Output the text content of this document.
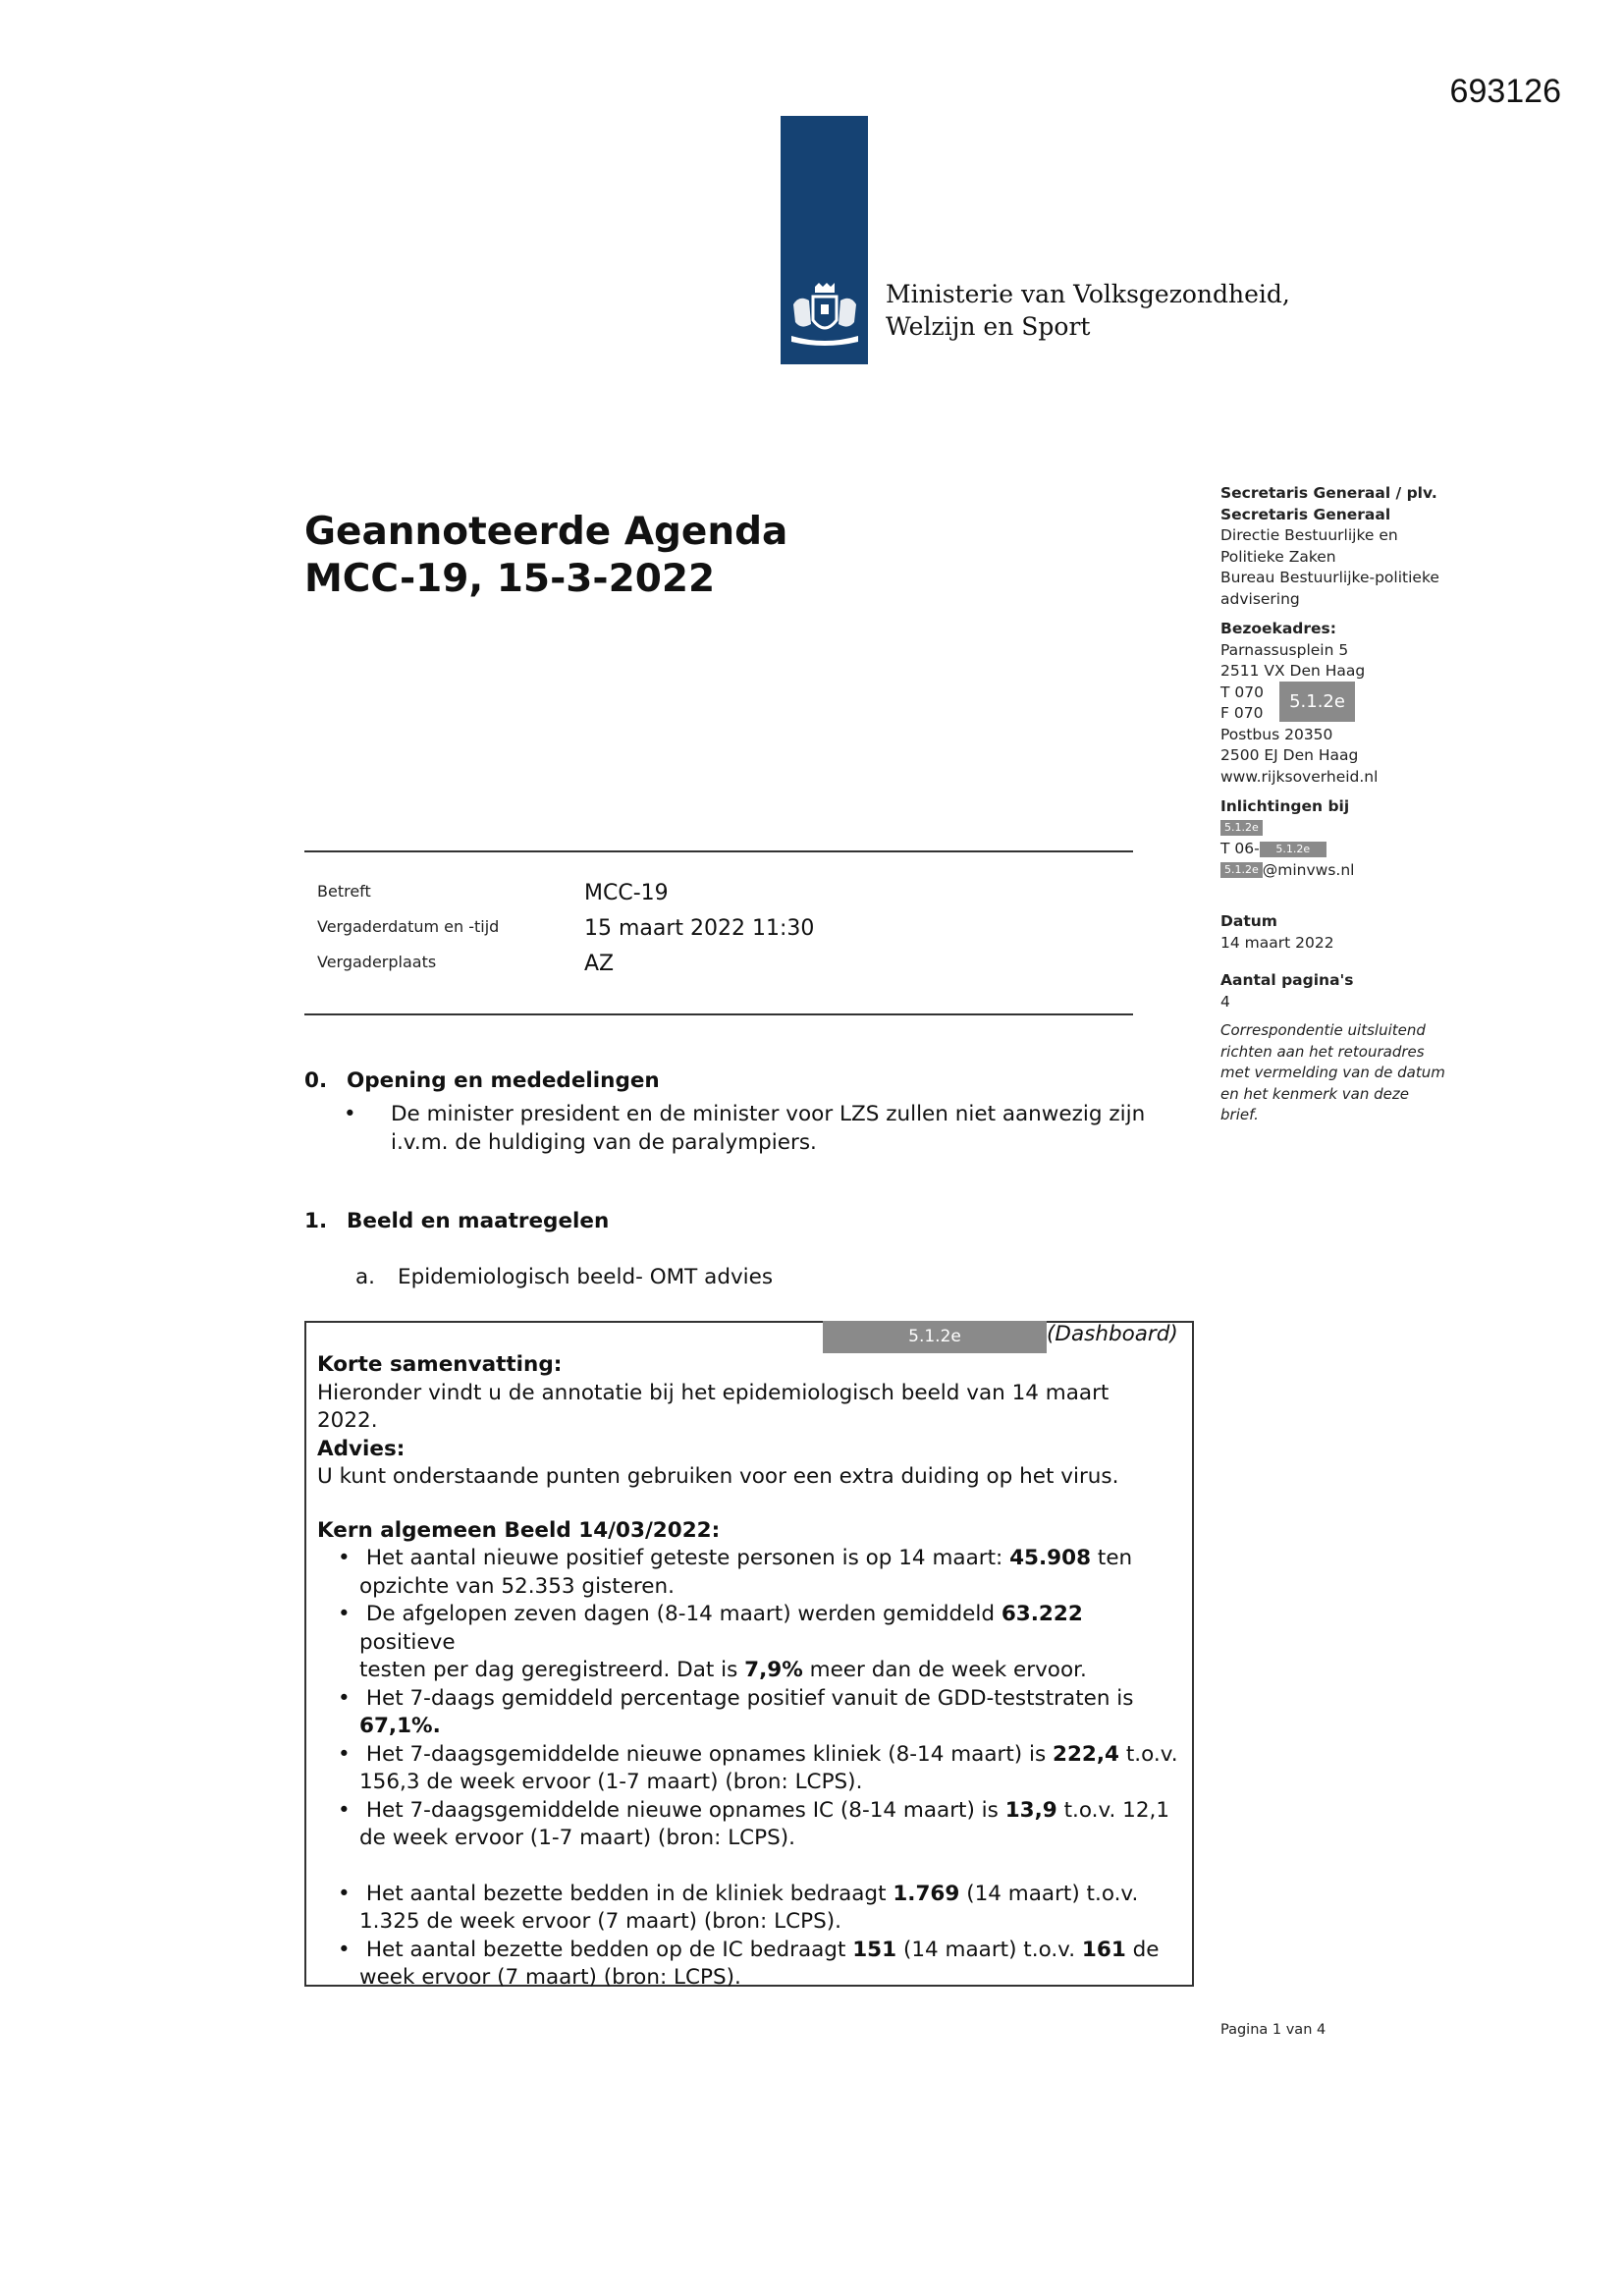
693126
Ministerie van Volksgezondheid,
Welzijn en Sport
Geannoteerde Agenda
MCC-19, 15-3-2022
Secretaris Generaal / plv.
Secretaris Generaal
Directie Bestuurlijke en
Politieke Zaken
Bureau Bestuurlijke-politieke
advisering
Bezoekadres:
Parnassusplein 5
2511 VX Den Haag
T 070
F 070
5.1.2e
Postbus 20350
2500 EJ Den Haag
www.rijksoverheid.nl
Inlichtingen bij
5.1.2e
T 06- 5.1.2e
5.1.2e @minvws.nl
Datum
14 maart 2022
Aantal pagina's
4
Correspondentie uitsluitend
richten aan het retouradres
met vermelding van de datum
en het kenmerk van deze
brief.
Betreft	MCC-19
Vergaderdatum en -tijd	15 maart 2022 11:30
Vergaderplaats	AZ
0. Opening en mededelingen
• De minister president en de minister voor LZS zullen niet aanwezig zijn
i.v.m. de huldiging van de paralympiers.
1. Beeld en maatregelen
a. Epidemiologisch beeld- OMT advies
5.1.2e	(Dashboard)
Korte samenvatting:
Hieronder vindt u de annotatie bij het epidemiologisch beeld van 14 maart
2022.
Advies:
U kunt onderstaande punten gebruiken voor een extra duiding op het virus.
Kern algemeen Beeld 14/03/2022:
• Het aantal nieuwe positief geteste personen is op 14 maart: 45.908 ten
opzichte van 52.353 gisteren.
• De afgelopen zeven dagen (8-14 maart) werden gemiddeld 63.222 positieve
testen per dag geregistreerd. Dat is 7,9% meer dan de week ervoor.
• Het 7-daags gemiddeld percentage positief vanuit de GDD-teststraten is
67,1%.
• Het 7-daagsgemiddelde nieuwe opnames kliniek (8-14 maart) is 222,4 t.o.v.
156,3 de week ervoor (1-7 maart) (bron: LCPS).
• Het 7-daagsgemiddelde nieuwe opnames IC (8-14 maart) is 13,9 t.o.v. 12,1
de week ervoor (1-7 maart) (bron: LCPS).
• Het aantal bezette bedden in de kliniek bedraagt 1.769 (14 maart) t.o.v.
1.325 de week ervoor (7 maart) (bron: LCPS).
• Het aantal bezette bedden op de IC bedraagt 151 (14 maart) t.o.v. 161 de
week ervoor (7 maart) (bron: LCPS).
Pagina 1 van 4
